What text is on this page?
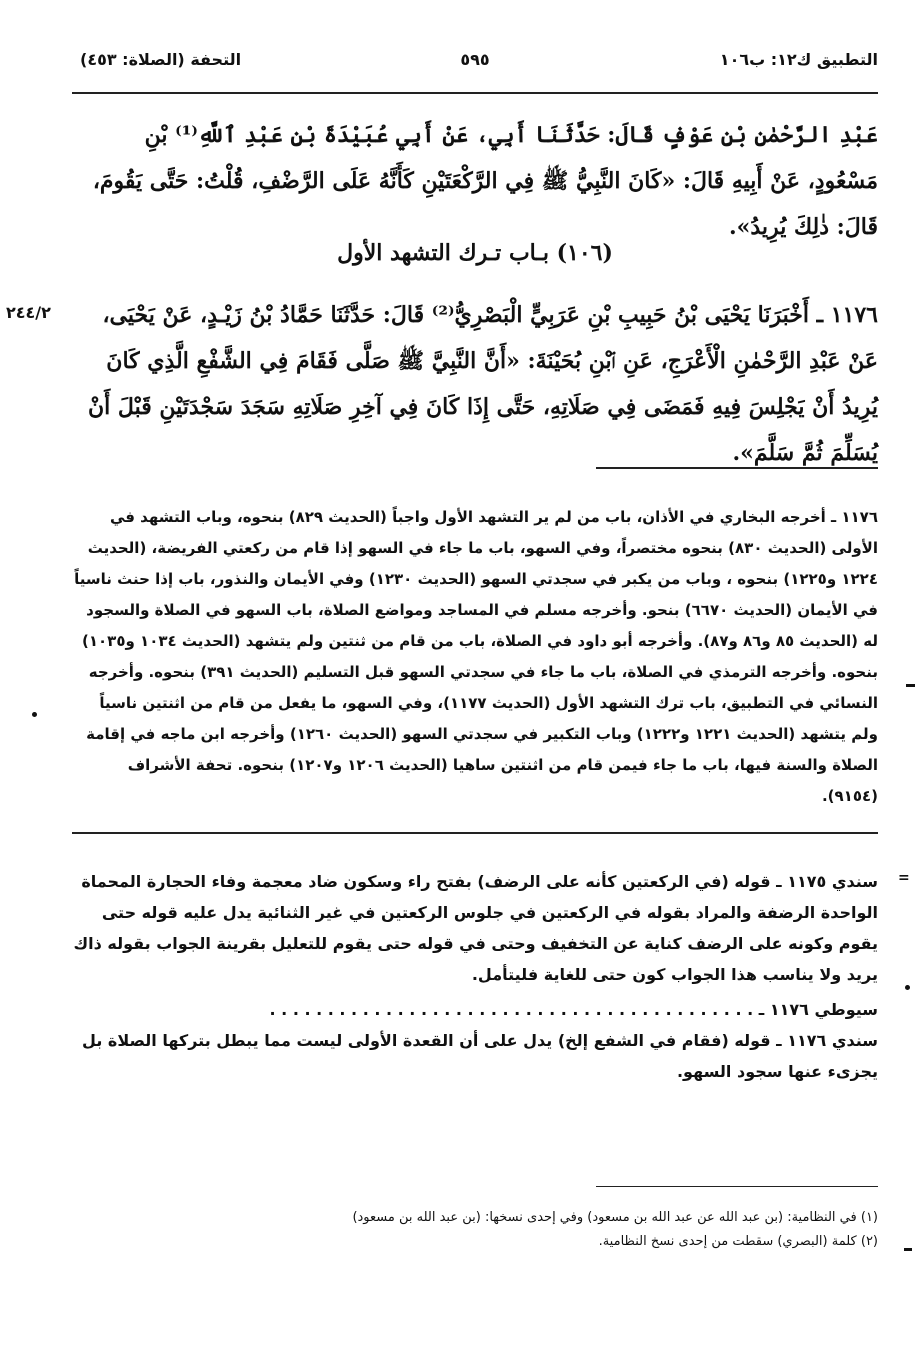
التطبيق ك١٢: ب١٠٦
٥٩٥
التحفة (الصلاة: ٤٥٣)

عَبْدِ الرَّحْمٰنِ بْنِ عَوْفٍ قَالَ: حَدَّثَنَا أَبِي، عَنْ أَبِي عُبَيْدَةَ بْنِ عَبْدِ ٱللَّهِ⁽¹⁾ بْنِ مَسْعُودٍ، عَنْ أَبِيهِ قَالَ: «كَانَ النَّبِيُّ ﷺ فِي الرَّكْعَتَيْنِ كَأَنَّهُ عَلَى الرَّضْفِ، قُلْتُ: حَتَّى يَقُومَ، قَالَ: ذٰلِكَ يُرِيدُ».

(١٠٦) بـاب تـرك التشهد الأول
٢٤٤/٢	١١٧٦ ـ أَخْبَرَنَا يَحْيَى بْنُ حَبِيبِ بْنِ عَرَبِيٍّ الْبَصْرِيُّ⁽²⁾ قَالَ: حَدَّثَنَا حَمَّادُ بْنُ زَيْـدٍ، عَنْ يَحْيَى، عَنْ عَبْدِ الرَّحْمٰنِ الْأَعْرَجِ، عَنِ ٱبْنِ بُحَيْنَةَ: «أَنَّ النَّبِيَّ ﷺ صَلَّى فَقَامَ فِي الشَّفْعِ الَّذِي كَانَ يُرِيدُ أَنْ يَجْلِسَ فِيهِ فَمَضَى فِي صَلَاتِهِ، حَتَّى إِذَا كَانَ فِي آخِرِ صَلَاتِهِ سَجَدَ سَجْدَتَيْنِ قَبْلَ أَنْ يُسَلِّمَ ثُمَّ سَلَّمَ».

١١٧٦ ـ أخرجه البخاري في الأذان، باب من لم ير التشهد الأول واجباً (الحديث ٨٢٩) بنحوه، وباب التشهد في الأولى (الحديث ٨٣٠) بنحوه مختصراً، وفي السهو، باب ما جاء في السهو إذا قام من ركعتي الفريضة، (الحديث ١٢٢٤ و١٢٢٥) بنحوه ، وباب من يكبر في سجدتي السهو (الحديث ١٢٣٠) وفي الأيمان والنذور، باب إذا حنث ناسياً في الأيمان (الحديث ٦٦٧٠) بنحو. وأخرجه مسلم في المساجد ومواضع الصلاة، باب السهو في الصلاة والسجود له (الحديث ٨٥ و٨٦ و٨٧). وأخرجه أبو داود في الصلاة، باب من قام من ثنتين ولم يتشهد (الحديث ١٠٣٤ و١٠٣٥) بنحوه. وأخرجه الترمذي في الصلاة، باب ما جاء في سجدتي السهو قبل التسليم (الحديث ٣٩١) بنحوه. وأخرجه النسائي في التطبيق، باب ترك التشهد الأول (الحديث ١١٧٧)، وفي السهو، ما يفعل من قام من اثنتين ناسياً ولم يتشهد (الحديث ١٢٢١ و١٢٢٢) وباب التكبير في سجدتي السهو (الحديث ١٢٦٠) وأخرجه ابن ماجه في إقامة الصلاة والسنة فيها، باب ما جاء فيمن قام من اثنتين ساهيا (الحديث ١٢٠٦ و١٢٠٧) بنحوه. تحفة الأشراف (٩١٥٤).

=

سندي ١١٧٥ ـ قوله (في الركعتين كأنه على الرضف) بفتح راء وسكون ضاد معجمة وفاء الحجارة المحماة الواحدة الرضفة والمراد بقوله في الركعتين في جلوس الركعتين في غير الثنائية يدل عليه قوله حتى يقوم وكونه على الرضف كناية عن التخفيف وحتى في قوله حتى يقوم للتعليل بقرينة الجواب بقوله ذاك يريد ولا يناسب هذا الجواب كون حتى للغاية فليتأمل.

سيوطي ١١٧٦ ـ . . . . . . . . . . . . . . . . . . . . . . . . . . . . . . . . . . . . . . . . . .

سندي ١١٧٦ ـ قوله (فقام في الشفع إلخ) يدل على أن القعدة الأولى ليست مما يبطل بتركها الصلاة بل يجزىء عنها سجود السهو.

(١) في النظامية: (بن عبد الله عن عبد الله بن مسعود) وفي إحدى نسخها: (بن عبد الله بن مسعود)

(٢) كلمة (البصري) سقطت من إحدى نسخ النظامية.
